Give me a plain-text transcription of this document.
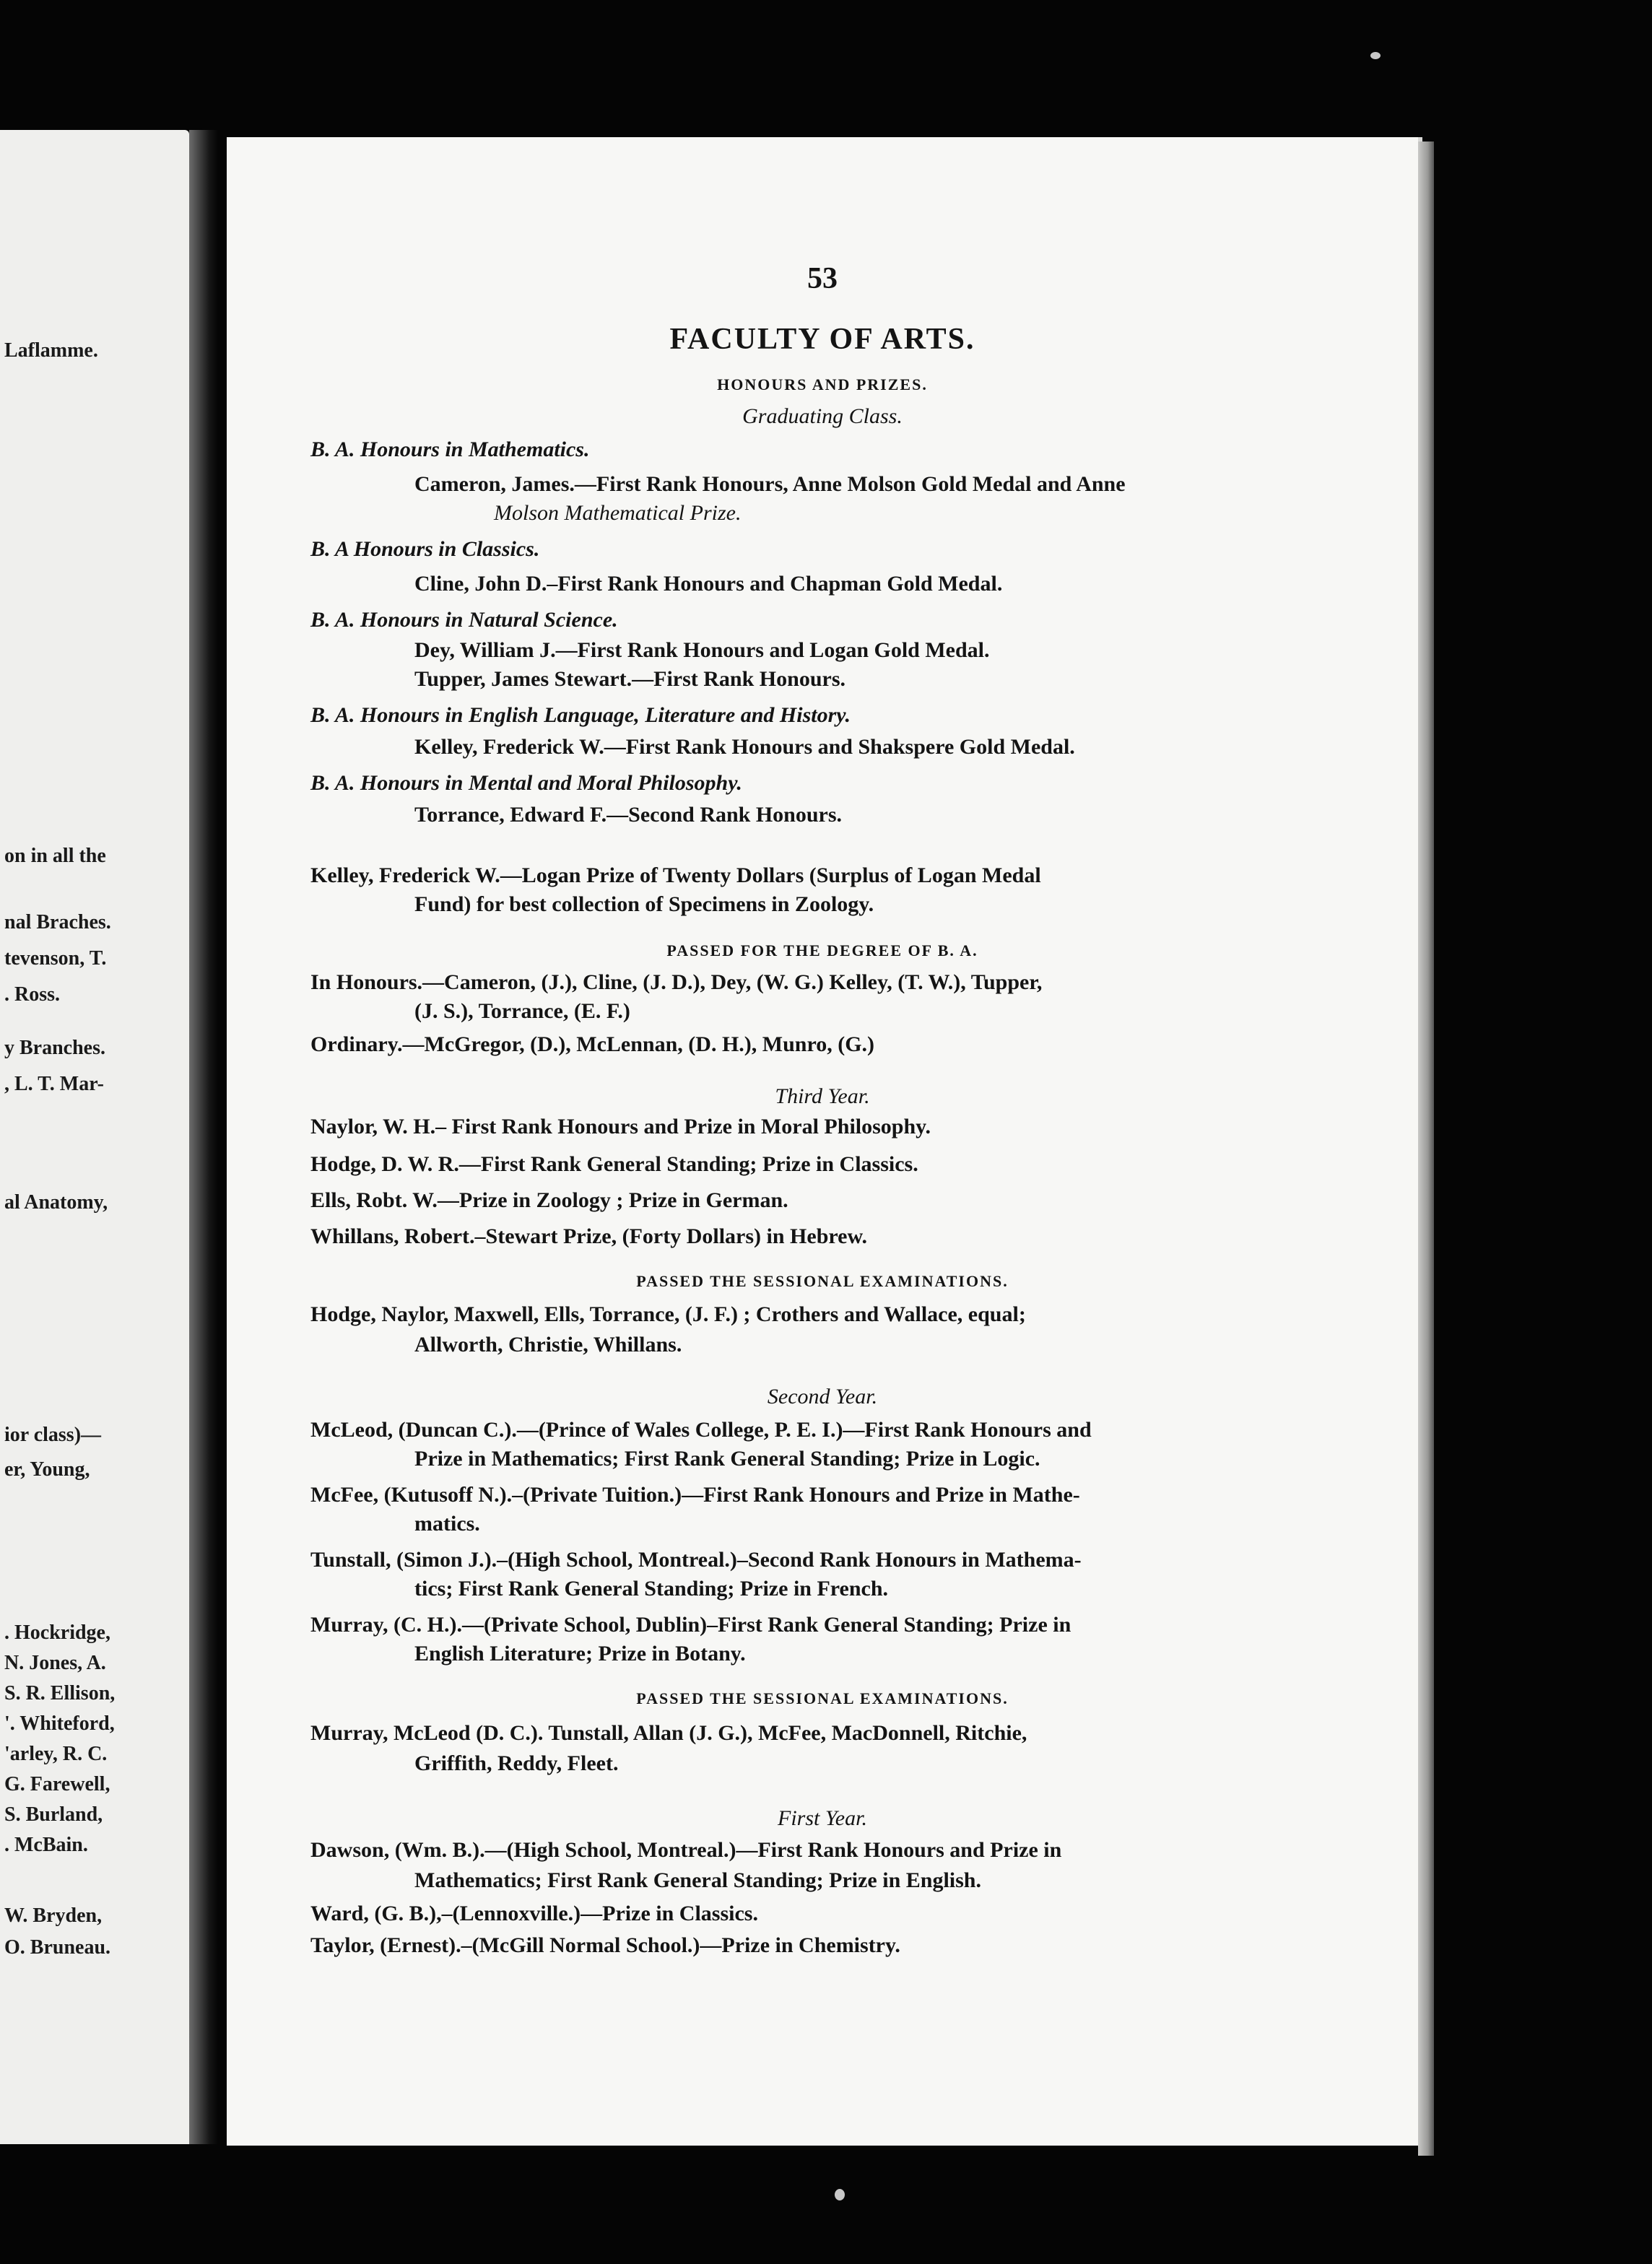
Laflamme.
on in all the
nal Braches.
tevenson, T.
. Ross.
y Branches.
, L. T. Mar-
al Anatomy,
ior class)—
er, Young,
. Hockridge,
N. Jones, A.
S. R. Ellison,
'. Whiteford,
'arley, R. C.
G. Farewell,
S. Burland,
. McBain.
W. Bryden,
O. Bruneau.
53
FACULTY OF ARTS.
HONOURS AND PRIZES.
Graduating Class.
B. A. Honours in Mathematics.
Cameron, James.—First Rank Honours, Anne Molson Gold Medal and Anne
Molson Mathematical Prize.
B. A Honours in Classics.
Cline, John D.–First Rank Honours and Chapman Gold Medal.
B. A. Honours in Natural Science.
Dey, William J.—First Rank Honours and Logan Gold Medal.
Tupper, James Stewart.—First Rank Honours.
B. A. Honours in English Language, Literature and History.
Kelley, Frederick W.—First Rank Honours and Shakspere Gold Medal.
B. A. Honours in Mental and Moral Philosophy.
Torrance, Edward F.—Second Rank Honours.
Kelley, Frederick W.—Logan Prize of Twenty Dollars (Surplus of Logan Medal
Fund) for best collection of Specimens in Zoology.
PASSED FOR THE DEGREE OF B. A.
In Honours.—Cameron, (J.), Cline, (J. D.), Dey, (W. G.) Kelley, (T. W.), Tupper,
(J. S.), Torrance, (E. F.)
Ordinary.—McGregor, (D.), McLennan, (D. H.), Munro, (G.)
Third Year.
Naylor, W. H.– First Rank Honours and Prize in Moral Philosophy.
Hodge, D. W. R.—First Rank General Standing; Prize in Classics.
Ells, Robt. W.—Prize in Zoology ; Prize in German.
Whillans, Robert.–Stewart Prize, (Forty Dollars) in Hebrew.
PASSED THE SESSIONAL EXAMINATIONS.
Hodge, Naylor, Maxwell, Ells, Torrance, (J. F.) ; Crothers and Wallace, equal;
Allworth, Christie, Whillans.
Second Year.
McLeod, (Duncan C.).—(Prince of Wales College, P. E. I.)—First Rank Honours and
Prize in Mathematics; First Rank General Standing; Prize in Logic.
McFee, (Kutusoff N.).–(Private Tuition.)—First Rank Honours and Prize in Mathe-
matics.
Tunstall, (Simon J.).–(High School, Montreal.)–Second Rank Honours in Mathema-
tics; First Rank General Standing; Prize in French.
Murray, (C. H.).—(Private School, Dublin)–First Rank General Standing; Prize in
English Literature; Prize in Botany.
PASSED THE SESSIONAL EXAMINATIONS.
Murray, McLeod (D. C.). Tunstall, Allan (J. G.), McFee, MacDonnell, Ritchie,
Griffith, Reddy, Fleet.
First Year.
Dawson, (Wm. B.).—(High School, Montreal.)—First Rank Honours and Prize in
Mathematics; First Rank General Standing; Prize in English.
Ward, (G. B.),–(Lennoxville.)—Prize in Classics.
Taylor, (Ernest).–(McGill Normal School.)—Prize in Chemistry.
